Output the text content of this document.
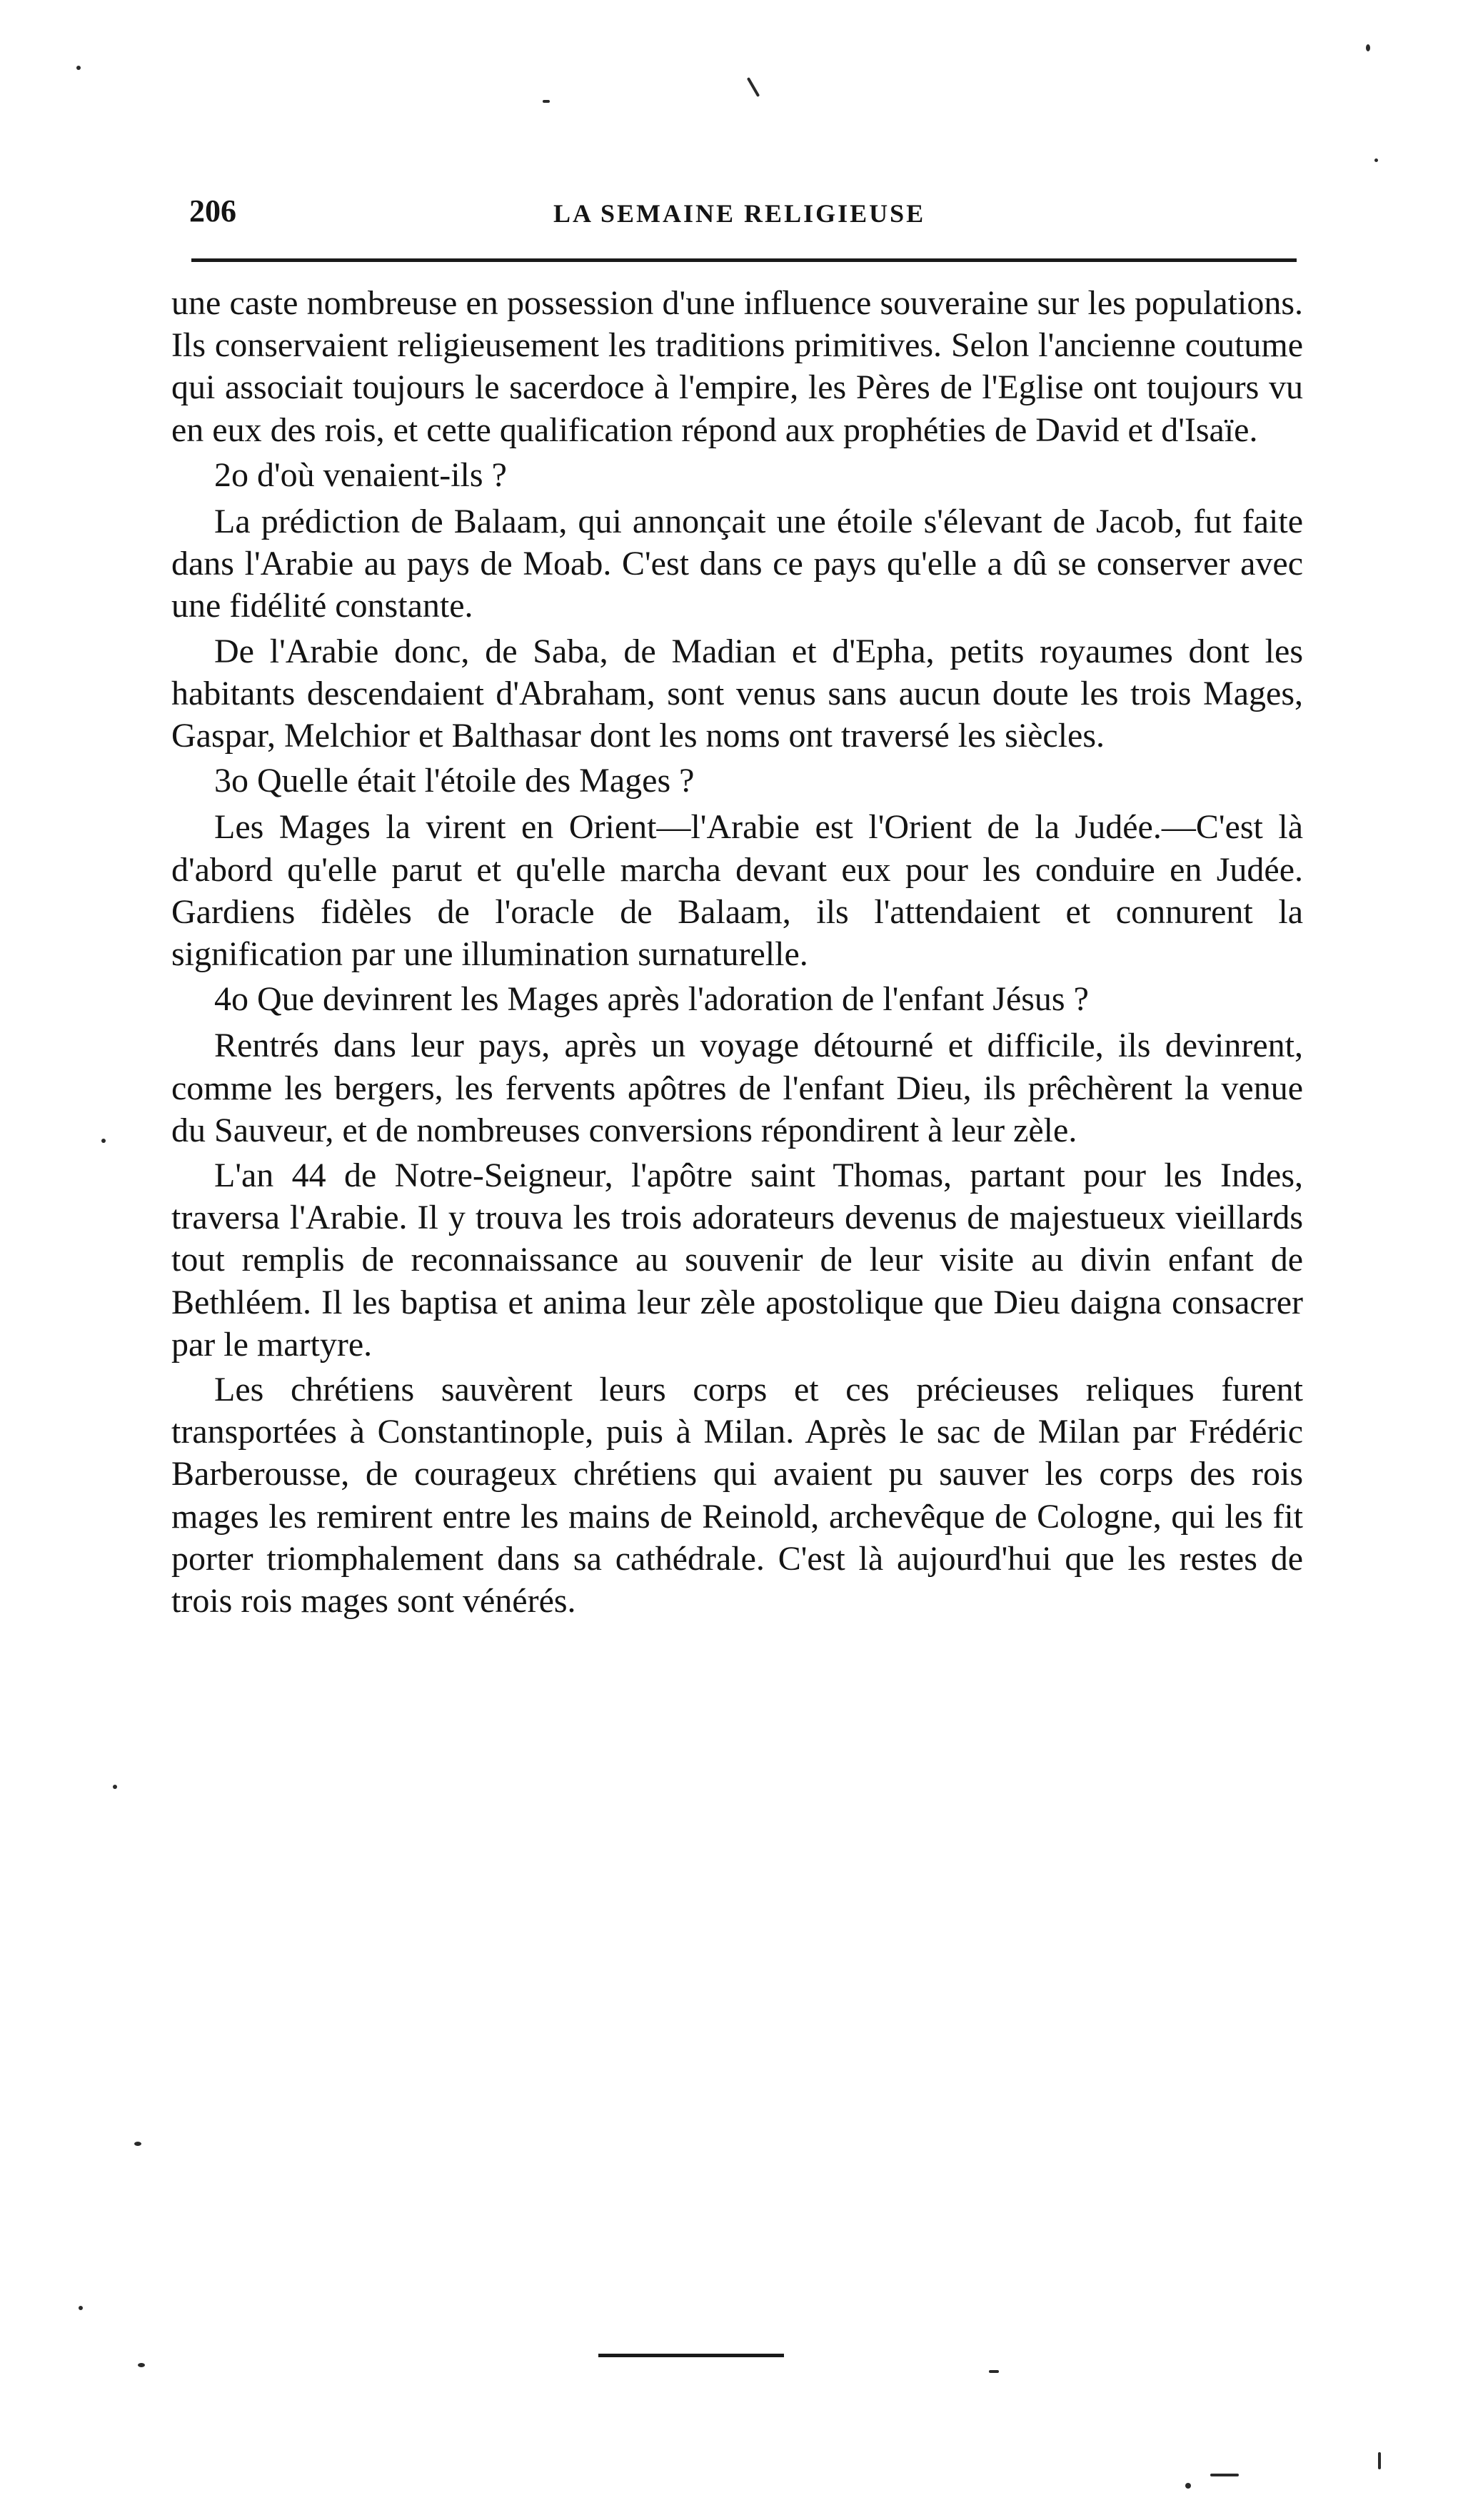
206	LA SEMAINE RELIGIEUSE

une caste nombreuse en possession d'une influence souveraine sur les populations. Ils conservaient religieusement les traditions primitives. Selon l'ancienne coutume qui associait toujours le sacerdoce à l'empire, les Pères de l'Eglise ont toujours vu en eux des rois, et cette qualification répond aux prophéties de David et d'Isaïe.

2o d'où venaient-ils ?

La prédiction de Balaam, qui annonçait une étoile s'élevant de Jacob, fut faite dans l'Arabie au pays de Moab. C'est dans ce pays qu'elle a dû se conserver avec une fidélité constante.

De l'Arabie donc, de Saba, de Madian et d'Epha, petits royaumes dont les habitants descendaient d'Abraham, sont venus sans aucun doute les trois Mages, Gaspar, Melchior et Balthasar dont les noms ont traversé les siècles.

3o Quelle était l'étoile des Mages ?

Les Mages la virent en Orient—l'Arabie est l'Orient de la Judée.—C'est là d'abord qu'elle parut et qu'elle marcha devant eux pour les conduire en Judée. Gardiens fidèles de l'oracle de Balaam, ils l'attendaient et connurent la signification par une illumination surnaturelle.

4o Que devinrent les Mages après l'adoration de l'enfant Jésus ?

Rentrés dans leur pays, après un voyage détourné et difficile, ils devinrent, comme les bergers, les fervents apôtres de l'enfant Dieu, ils prêchèrent la venue du Sauveur, et de nombreuses conversions répondirent à leur zèle.

L'an 44 de Notre-Seigneur, l'apôtre saint Thomas, partant pour les Indes, traversa l'Arabie. Il y trouva les trois adorateurs devenus de majestueux vieillards tout remplis de reconnaissance au souvenir de leur visite au divin enfant de Bethléem. Il les baptisa et anima leur zèle apostolique que Dieu daigna consacrer par le martyre.

Les chrétiens sauvèrent leurs corps et ces précieuses reliques furent transportées à Constantinople, puis à Milan. Après le sac de Milan par Frédéric Barberousse, de courageux chrétiens qui avaient pu sauver les corps des rois mages les remirent entre les mains de Reinold, archevêque de Cologne, qui les fit porter triomphalement dans sa cathédrale. C'est là aujourd'hui que les restes de trois rois mages sont vénérés.
